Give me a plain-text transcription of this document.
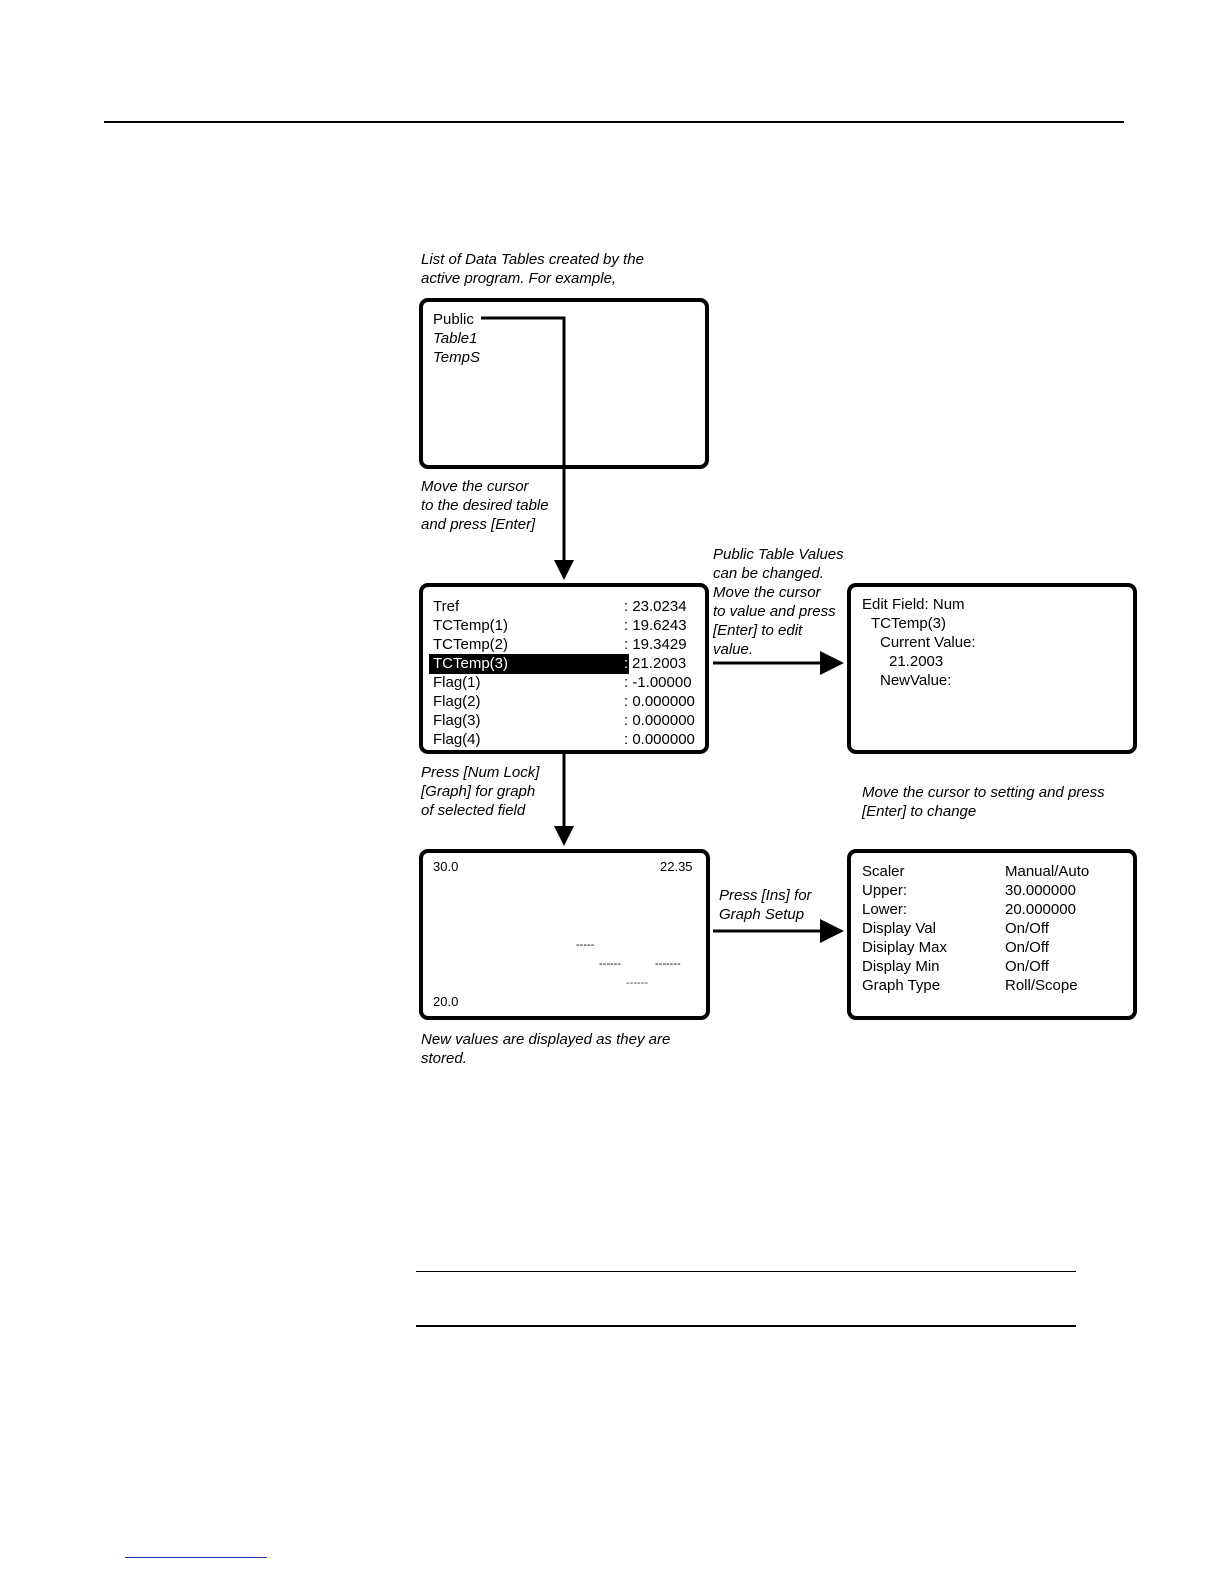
List of Data Tables created by the
active program. For example,
Public
Table1
TempS
Move the cursor
to the desired table
and press [Enter]
Public Table Values
can be changed.
Move the cursor
to value and press
[Enter] to edit
value.
Tref	: 23.0234
TCTemp(1)	: 19.6243
TCTemp(2)	: 19.3429
TCTemp(3)	: 21.2003
Flag(1)	: -1.00000
Flag(2)	: 0.000000
Flag(3)	: 0.000000
Flag(4)	: 0.000000
Edit Field: Num
TCTemp(3)
Current Value:
21.2003
NewValue:
Press [Num Lock]
[Graph] for graph
of selected field
Move the cursor to setting and press
[Enter] to change
30.0	22.35
-----
------	-------
------
20.0
Press [Ins] for
Graph Setup
Scaler	Manual/Auto
Upper:	30.000000
Lower:	20.000000
Display Val	On/Off
Disiplay Max	On/Off
Display Min	On/Off
Graph Type	Roll/Scope
New values are displayed as they are
stored.
